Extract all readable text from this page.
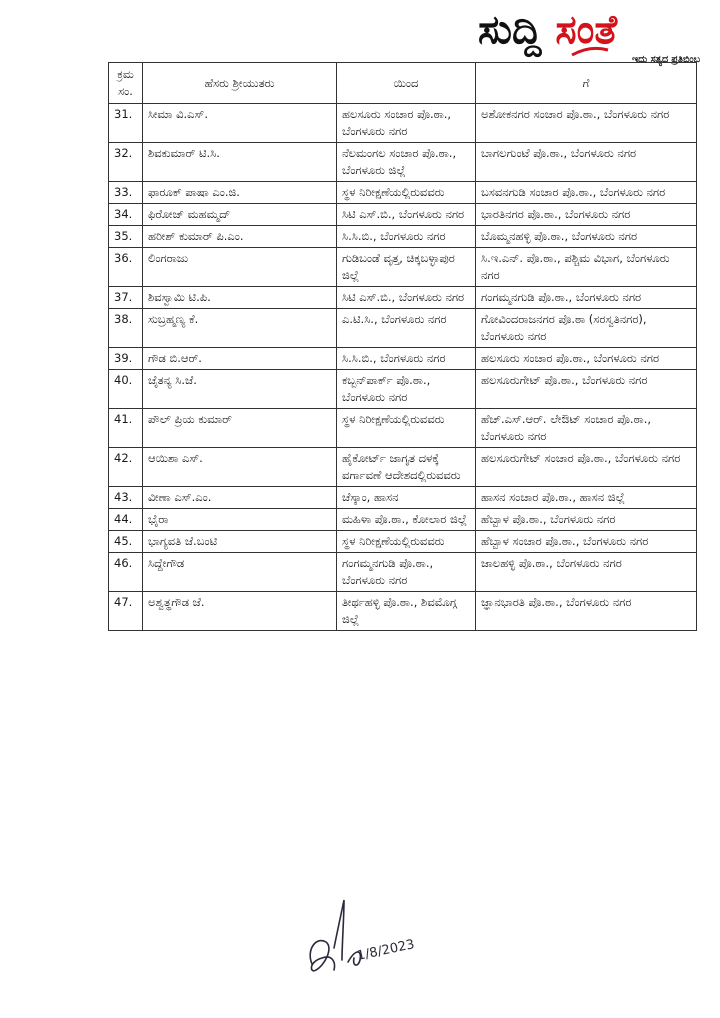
ಸುದ್ದಿ ಸಂತೆ
ಇದು ಸತ್ಯದ ಪ್ರತಿಬಿಂಬ
ಕ್ರಮ ಸಂ.	ಹೆಸರು ಶ್ರೀಯುತರು	ಯಿಂದ	ಗೆ
31.	ಸೀಮಾ ವಿ.ಎಸ್.	ಹಲಸೂರು ಸಂಚಾರ ಪೊ.ಠಾ., ಬೆಂಗಳೂರು ನಗರ	ಅಶೋಕನಗರ ಸಂಚಾರ ಪೊ.ಠಾ., ಬೆಂಗಳೂರು ನಗರ
32.	ಶಿವಕುಮಾರ್ ಟಿ.ಸಿ.	ನೆಲಮಂಗಲ ಸಂಚಾರ ಪೊ.ಠಾ., ಬೆಂಗಳೂರು ಜಿಲ್ಲೆ	ಬಾಗಲಗುಂಟೆ ಪೊ.ಠಾ., ಬೆಂಗಳೂರು ನಗರ
33.	ಫಾರೂಕ್ ಪಾಷಾ ಎಂ.ಜಿ.	ಸ್ಥಳ ನಿರೀಕ್ಷಣೆಯಲ್ಲಿರುವವರು	ಬಸವನಗುಡಿ ಸಂಚಾರ ಪೊ.ಠಾ., ಬೆಂಗಳೂರು ನಗರ
34.	ಫಿರೋಜ್ ಮಹಮ್ಮದ್	ಸಿಟಿ ಎಸ್.ಬಿ., ಬೆಂಗಳೂರು ನಗರ	ಭಾರತಿನಗರ ಪೊ.ಠಾ., ಬೆಂಗಳೂರು ನಗರ
35.	ಹರೀಶ್ ಕುಮಾರ್ ಪಿ.ಎಂ.	ಸಿ.ಸಿ.ಬಿ., ಬೆಂಗಳೂರು ನಗರ	ಬೊಮ್ಮನಹಳ್ಳಿ ಪೊ.ಠಾ., ಬೆಂಗಳೂರು ನಗರ
36.	ಲಿಂಗರಾಜು	ಗುಡಿಬಂಡೆ ವೃತ್ತ, ಚಿಕ್ಕಬಳ್ಳಾಪುರ ಜಿಲ್ಲೆ	ಸಿ.ಇ.ಎನ್. ಪೊ.ಠಾ., ಪಶ್ಚಿಮ ವಿಭಾಗ, ಬೆಂಗಳೂರು ನಗರ
37.	ಶಿವಸ್ವಾಮಿ ಟಿ.ಪಿ.	ಸಿಟಿ ಎಸ್.ಬಿ., ಬೆಂಗಳೂರು ನಗರ	ಗಂಗಮ್ಮನಗುಡಿ ಪೊ.ಠಾ., ಬೆಂಗಳೂರು ನಗರ
38.	ಸುಬ್ರಹ್ಮಣ್ಯ ಕೆ.	ಎ.ಟಿ.ಸಿ., ಬೆಂಗಳೂರು ನಗರ	ಗೋವಿಂದರಾಜನಗರ ಪೊ.ಠಾ (ಸರಸ್ವತಿನಗರ), ಬೆಂಗಳೂರು ನಗರ
39.	ಗೌಡ ಬಿ.ಆರ್.	ಸಿ.ಸಿ.ಬಿ., ಬೆಂಗಳೂರು ನಗರ	ಹಲಸೂರು ಸಂಚಾರ ಪೊ.ಠಾ., ಬೆಂಗಳೂರು ನಗರ
40.	ಚೈತನ್ಯ ಸಿ.ಜೆ.	ಕಬ್ಬನ್‌ಪಾರ್ಕ್ ಪೊ.ಠಾ., ಬೆಂಗಳೂರು ನಗರ	ಹಲಸೂರುಗೇಟ್ ಪೊ.ಠಾ., ಬೆಂಗಳೂರು ನಗರ
41.	ಪೌಲ್ ಪ್ರಿಯ ಕುಮಾರ್	ಸ್ಥಳ ನಿರೀಕ್ಷಣೆಯಲ್ಲಿರುವವರು	ಹೆಚ್.ಎಸ್.ಆರ್. ಲೇಔಟ್ ಸಂಚಾರ ಪೊ.ಠಾ., ಬೆಂಗಳೂರು ನಗರ
42.	ಆಯಿಶಾ ಎಸ್.	ಹೈಕೋರ್ಟ್ ಜಾಗೃತ ದಳಕ್ಕೆ ವರ್ಗಾವಣೆ ಆದೇಶದಲ್ಲಿರುವವರು	ಹಲಸೂರುಗೇಟ್ ಸಂಚಾರ ಪೊ.ಠಾ., ಬೆಂಗಳೂರು ನಗರ
43.	ವೀಣಾ ಎಸ್.ಎಂ.	ಚೆಸ್ಕಾಂ, ಹಾಸನ	ಹಾಸನ ಸಂಚಾರ ಪೊ.ಠಾ., ಹಾಸನ ಜಿಲ್ಲೆ
44.	ಭೈರಾ	ಮಹಿಳಾ ಪೊ.ಠಾ., ಕೋಲಾರ ಜಿಲ್ಲೆ	ಹೆಬ್ಬಾಳ ಪೊ.ಠಾ., ಬೆಂಗಳೂರು ನಗರ
45.	ಭಾಗ್ಯವತಿ ಜೆ.ಬಂಟಿ	ಸ್ಥಳ ನಿರೀಕ್ಷಣೆಯಲ್ಲಿರುವವರು	ಹೆಬ್ಬಾಳ ಸಂಚಾರ ಪೊ.ಠಾ., ಬೆಂಗಳೂರು ನಗರ
46.	ಸಿದ್ದೇಗೌಡ	ಗಂಗಮ್ಮನಗುಡಿ ಪೊ.ಠಾ., ಬೆಂಗಳೂರು ನಗರ	ಜಾಲಹಳ್ಳಿ ಪೊ.ಠಾ., ಬೆಂಗಳೂರು ನಗರ
47.	ಅಶ್ವತ್ಥಗೌಡ ಜೆ.	ತೀರ್ಥಹಳ್ಳಿ ಪೊ.ಠಾ., ಶಿವಮೊಗ್ಗ ಜಿಲ್ಲೆ	ಜ್ಞಾನಭಾರತಿ ಪೊ.ಠಾ., ಬೆಂಗಳೂರು ನಗರ
1/8/2023
